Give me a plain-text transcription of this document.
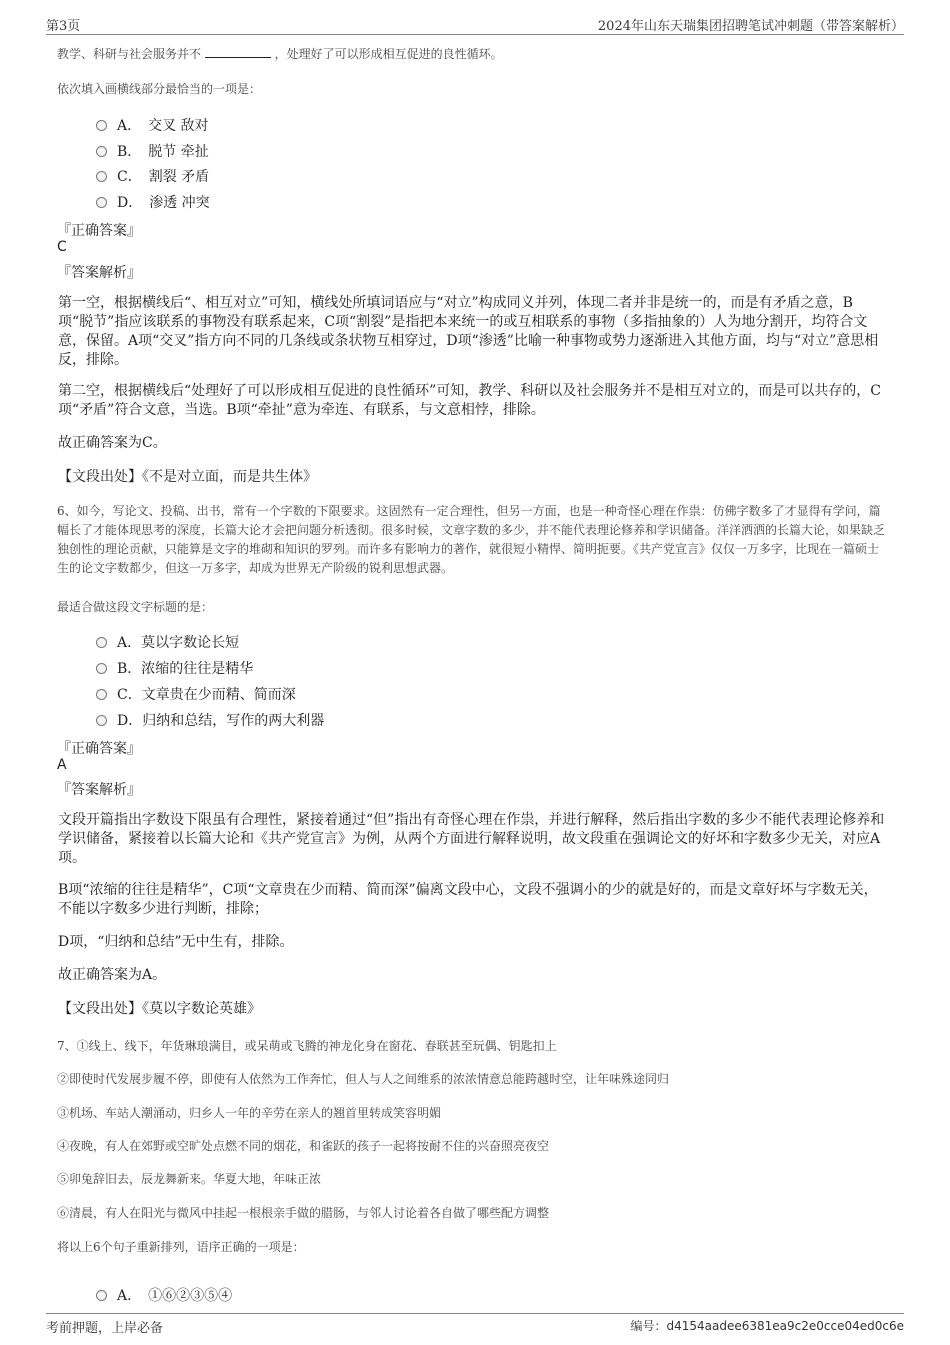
第3页	2024年山东天瑞集团招聘笔试冲刺题（带答案解析）
教学、科研与社会服务并不	，处理好了可以形成相互促进的良性循环。
依次填入画横线部分最恰当的一项是：
A．　交叉 敌对
B．　脱节 牵扯
C．　割裂 矛盾
D．　渗透 冲突
『正确答案』
C
『答案解析』
第一空，根据横线后“、相互对立”可知，横线处所填词语应与“对立”构成同义并列，体现二者并非是统一的，而是有矛盾之意，B项“脱节”指应该联系的事物没有联系起来，C项“割裂”是指把本来统一的或互相联系的事物（多指抽象的）人为地分割开，均符合文意，保留。A项“交叉”指方向不同的几条线或条状物互相穿过，D项“渗透”比喻一种事物或势力逐渐进入其他方面，均与“对立”意思相反，排除。
第二空，根据横线后“处理好了可以形成相互促进的良性循环”可知，教学、科研以及社会服务并不是相互对立的，而是可以共存的，C项“矛盾”符合文意，当选。B项“牵扯”意为牵连、有联系，与文意相悖，排除。
故正确答案为C。
【文段出处】《不是对立面，而是共生体》
6、如今，写论文、投稿、出书，常有一个字数的下限要求。这固然有一定合理性，但另一方面，也是一种奇怪心理在作祟：仿佛字数多了才显得有学问，篇幅长了才能体现思考的深度，长篇大论才会把问题分析透彻。很多时候，文章字数的多少，并不能代表理论修养和学识储备。洋洋洒洒的长篇大论，如果缺乏独创性的理论贡献，只能算是文字的堆砌和知识的罗列。而许多有影响力的著作，就很短小精悍、简明扼要。《共产党宣言》仅仅一万多字，比现在一篇硕士生的论文字数都少，但这一万多字，却成为世界无产阶级的锐利思想武器。
最适合做这段文字标题的是：
A．莫以字数论长短
B．浓缩的往往是精华
C．文章贵在少而精、简而深
D．归纳和总结，写作的两大利器
『正确答案』
A
『答案解析』
文段开篇指出字数设下限虽有合理性，紧接着通过“但”指出有奇怪心理在作祟，并进行解释，然后指出字数的多少不能代表理论修养和学识储备，紧接着以长篇大论和《共产党宣言》为例，从两个方面进行解释说明，故文段重在强调论文的好坏和字数多少无关，对应A项。
B项“浓缩的往往是精华”，C项“文章贵在少而精、简而深”偏离文段中心，文段不强调小的少的就是好的，而是文章好坏与字数无关，不能以字数多少进行判断，排除；
D项，“归纳和总结”无中生有，排除。
故正确答案为A。
【文段出处】《莫以字数论英雄》
7、①线上、线下，年货琳琅满目，或呆萌或飞腾的神龙化身在窗花、春联甚至玩偶、钥匙扣上
②即使时代发展步履不停，即使有人依然为工作奔忙，但人与人之间维系的浓浓情意总能跨越时空，让年味殊途同归
③机场、车站人潮涌动，归乡人一年的辛劳在亲人的翘首里转成笑容明媚
④夜晚，有人在郊野或空旷处点燃不同的烟花，和雀跃的孩子一起将按耐不住的兴奋照亮夜空
⑤卯兔辞旧去，辰龙舞新来。华夏大地，年味正浓
⑥清晨，有人在阳光与微风中挂起一根根亲手做的腊肠，与邻人讨论着各自做了哪些配方调整
将以上6个句子重新排列，语序正确的一项是：
A．　①⑥②③⑤④
考前押题，上岸必备	编号：d4154aadee6381ea9c2e0cce04ed0c6e
